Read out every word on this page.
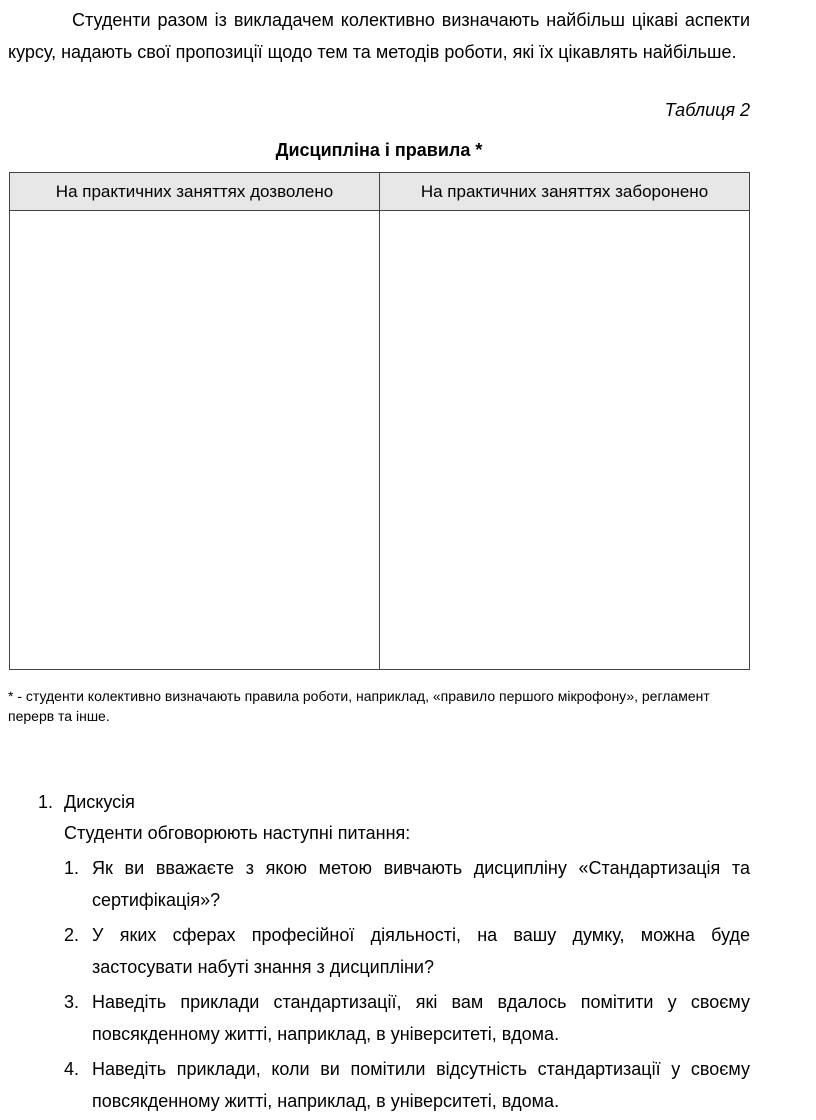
Студенти разом із викладачем колективно визначають найбільш цікаві аспекти курсу, надають свої пропозиції щодо тем та методів роботи, які їх цікавлять найбільше.

Таблиця 2

Дисципліна і правила *

На практичних заняттях дозволено	На практичних заняттях заборонено

* - студенти колективно визначають правила роботи, наприклад, «правило першого мікрофону», регламент перерв та інше.

1. Дискусія

Студенти обговорюють наступні питання:

1. Як ви вважаєте з якою метою вивчають дисципліну «Стандартизація та сертифікація»?
2. У яких сферах професійної діяльності, на вашу думку, можна буде застосувати набуті знання з дисципліни?
3. Наведіть приклади стандартизації, які вам вдалось помітити у своєму повсякденному житті, наприклад, в університеті, вдома.
4. Наведіть приклади, коли ви помітили відсутність стандартизації у своєму повсякденному житті, наприклад, в університеті, вдома.
